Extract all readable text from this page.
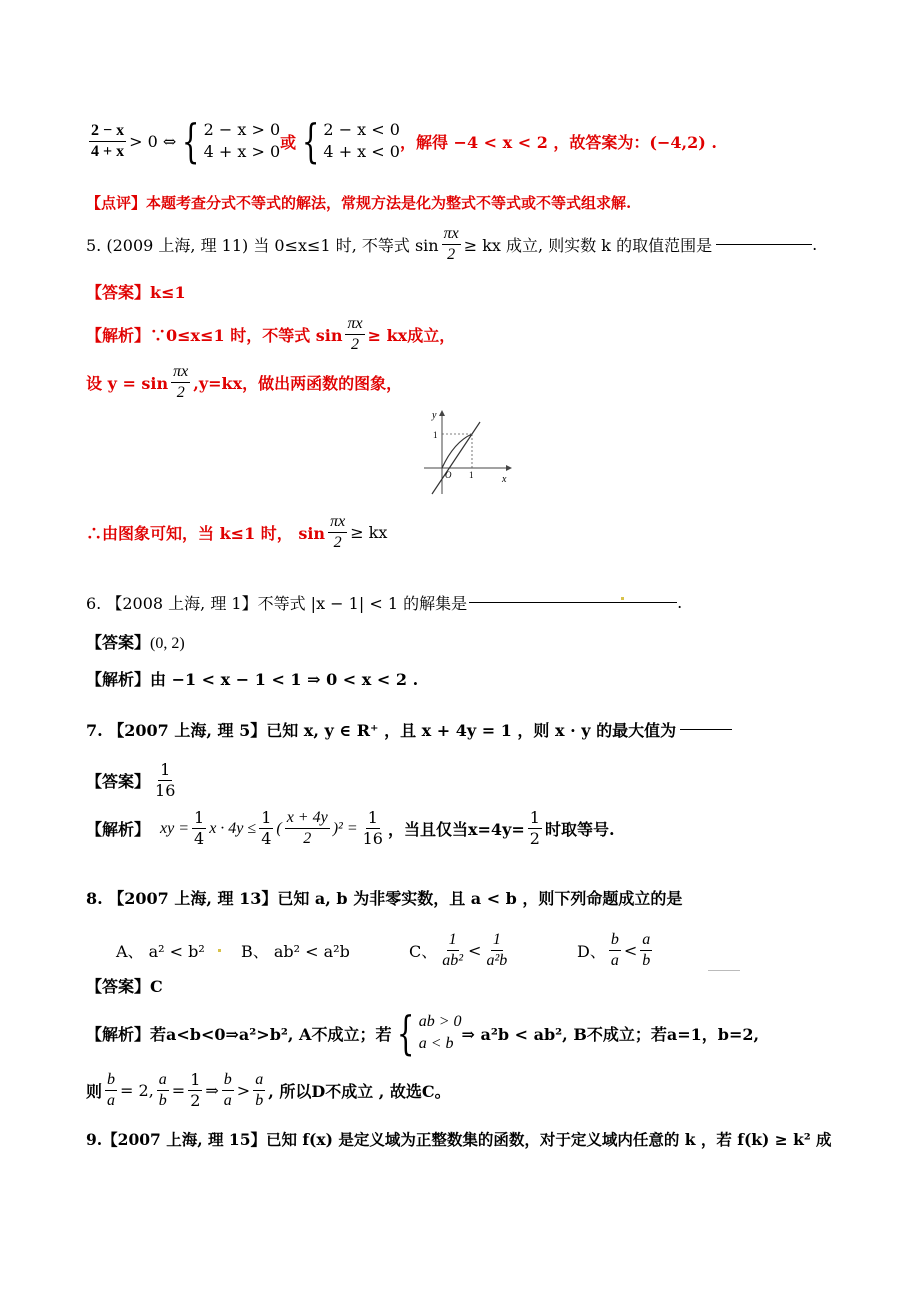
$\frac{2 - x}{4 + x} > 0$ ⇔ { 2 − x > 0
4 + x > 0 或 { 2 − x < 0
4 + x < 0 ，解得 −4 < x < 2 ，故答案为：(−4,2) .
【点评】本题考查分式不等式的解法，常规方法是化为整式不等式或不等式组求解.
5. (2009 上海, 理 11) 当 0≤x≤1 时, 不等式 $\sin \frac{\pi x}{2}$ ≥ kx 成立, 则实数 k 的取值范围是	.
【答案】k≤1
【解析】∵0≤x≤1 时，不等式 $\sin \frac{\pi x}{2}$ ≥ kx成立，
设 $y = \sin \frac{\pi x}{2} ,y=kx$，做出两函数的图象，
y
x
1
O 1
∴由图象可知，当 k≤1 时， $\sin \frac{\pi x}{2}$ ≥ kx
6. 【2008 上海, 理 1】不等式 |x − 1| < 1 的解集是	.
【答案】(0, 2)
【解析】由 −1 < x − 1 < 1 ⇒ 0 < x < 2 .
7. 【2007 上海, 理 5】已知 x, y ∈ R⁺ ，且 x + 4y = 1 ，则 x · y 的最大值为
【答案】 $\frac{1}{16}$
【解析】 xy = $\frac{1}{4}$ $x \cdot 4y \le \frac{1}{4}$ ( $\frac{x + 4y}{2} )^2 = \frac{1}{16}$ ，当且仅当$x=4y= \frac{1}{2}$ 时取等号.
8. 【2007 上海, 理 13】已知 a, b 为非零实数，且 a < b ，则下列命题成立的是
A、 a² < b²	B、 ab² < a²b	C、 $\frac{1}{\text{ab²}} < \frac{1}{\text{a²b}}$	D、 $\frac{b}{a} < \frac{a}{b}$
【答案】C
【解析】若a<b<0⇒a²>b², A不成立；若 { ab > 0
a < b ⇒ a²b < ab², B不成立；若a=1，b=2,
则 $\frac{b}{a} = 2$, $\frac{a}{b} = \frac{1}{2}$ ⇒ $\frac{b}{a} > \frac{a}{b}$ , 所以D不成立 , 故选C。
9.【2007 上海, 理 15】已知 f(x) 是定义域为正整数集的函数，对于定义域内任意的 k ，若 f(k) ≥ k² 成
